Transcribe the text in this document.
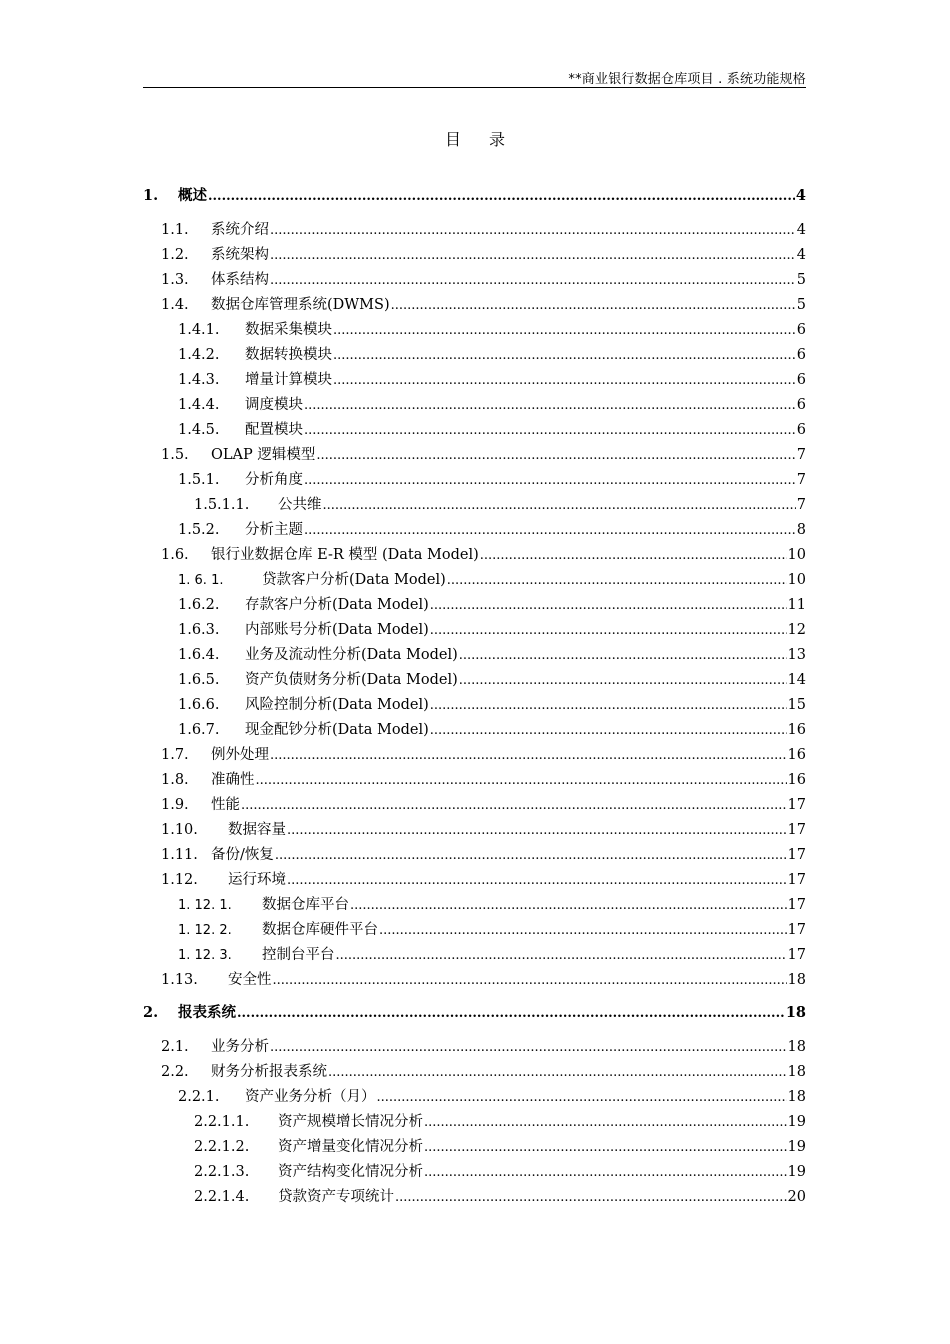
**商业银行数据仓库项目 . 系统功能规格
目 录
1.	概述 .....	4
1.1.	系统介绍 .....	4
1.2.	系统架构 .....	4
1.3.	体系结构 .....	5
1.4.	数据仓库管理系统(DWMS) .....	5
1.4.1.	数据采集模块 .....	6
1.4.2.	数据转换模块 .....	6
1.4.3.	增量计算模块 .....	6
1.4.4.	调度模块 .....	6
1.4.5.	配置模块 .....	6
1.5.	OLAP 逻辑模型 .....	7
1.5.1.	分析角度 .....	7
1.5.1.1.	公共维 .....	7
1.5.2.	分析主题 .....	8
1.6.	银行业数据仓库 E-R 模型 (Data Model) .....	10
1. 6. 1.	贷款客户分析(Data Model) .....	10
1.6.2.	存款客户分析(Data Model) .....	11
1.6.3.	内部账号分析(Data Model) .....	12
1.6.4.	业务及流动性分析(Data Model) .....	13
1.6.5.	资产负债财务分析(Data Model) .....	14
1.6.6.	风险控制分析(Data Model) .....	15
1.6.7.	现金配钞分析(Data Model) .....	16
1.7.	例外处理 .....	16
1.8.	准确性 .....	16
1.9.	性能 .....	17
1.10.	数据容量 .....	17
1.11. 备份/恢复 .....	17
1.12.	运行环境 .....	17
1. 12. 1.	数据仓库平台 .....	17
1. 12. 2.	数据仓库硬件平台 .....	17
1. 12. 3.	控制台平台 .....	17
1.13.	安全性 .....	18
2.	报表系统 .....	18
2.1.	业务分析 .....	18
2.2.	财务分析报表系统 .....	18
2.2.1.	资产业务分析（月） .....	18
2.2.1.1.	资产规模增长情况分析 .....	19
2.2.1.2.	资产增量变化情况分析 .....	19
2.2.1.3.	资产结构变化情况分析 .....	19
2.2.1.4.	贷款资产专项统计 .....	20
